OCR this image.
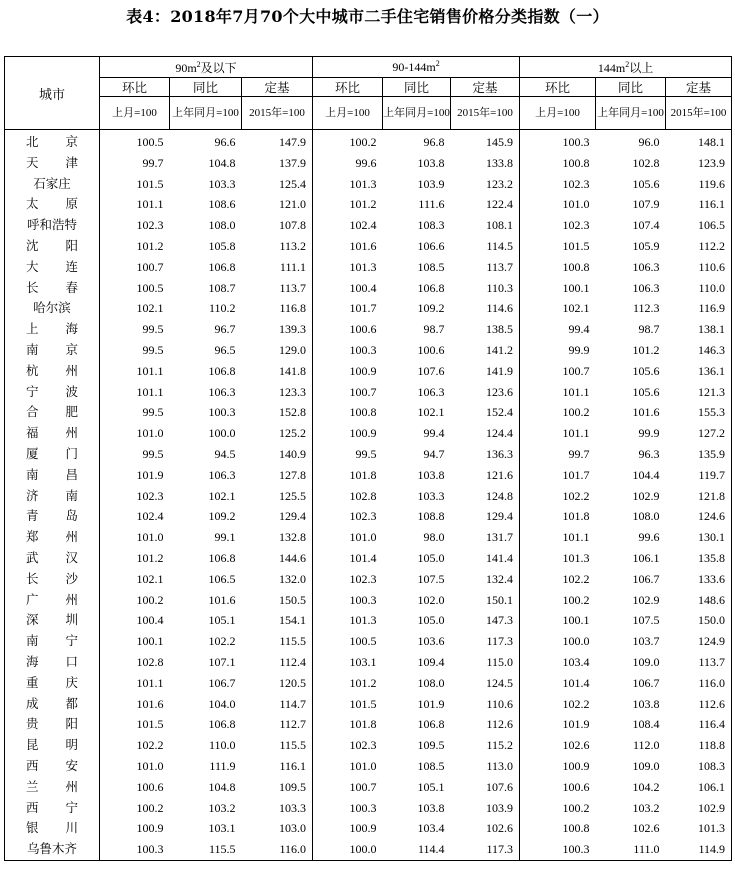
表4：2018年7月70个大中城市二手住宅销售价格分类指数（一）
城市	$90m^2$及以下			$90-144m^2$			$144m^2$以上		
	环比	同比	定基	环比	同比	定基	环比	同比	定基
	上月=100	上年同月=100	2015年=100	上月=100	上年同月=100	2015年=100	上月=100	上年同月=100	2015年=100
北京	100.5	96.6	147.9	100.2	96.8	145.9	100.3	96.0	148.1
天津	99.7	104.8	137.9	99.6	103.8	133.8	100.8	102.8	123.9
石家庄	101.5	103.3	125.4	101.3	103.9	123.2	102.3	105.6	119.6
太原	101.1	108.6	121.0	101.2	111.6	122.4	101.0	107.9	116.1
呼和浩特	102.3	108.0	107.8	102.4	108.3	108.1	102.3	107.4	106.5
沈阳	101.2	105.8	113.2	101.6	106.6	114.5	101.5	105.9	112.2
大连	100.7	106.8	111.1	101.3	108.5	113.7	100.8	106.3	110.6
长春	100.5	108.7	113.7	100.4	106.8	110.3	100.1	106.3	110.0
哈尔滨	102.1	110.2	116.8	101.7	109.2	114.6	102.1	112.3	116.9
上海	99.5	96.7	139.3	100.6	98.7	138.5	99.4	98.7	138.1
南京	99.5	96.5	129.0	100.3	100.6	141.2	99.9	101.2	146.3
杭州	101.1	106.8	141.8	100.9	107.6	141.9	100.7	105.6	136.1
宁波	101.1	106.3	123.3	100.7	106.3	123.6	101.1	105.6	121.3
合肥	99.5	100.3	152.8	100.8	102.1	152.4	100.2	101.6	155.3
福州	101.0	100.0	125.2	100.9	99.4	124.4	101.1	99.9	127.2
厦门	99.5	94.5	140.9	99.5	94.7	136.3	99.7	96.3	135.9
南昌	101.9	106.3	127.8	101.8	103.8	121.6	101.7	104.4	119.7
济南	102.3	102.1	125.5	102.8	103.3	124.8	102.2	102.9	121.8
青岛	102.4	109.2	129.4	102.3	108.8	129.4	101.8	108.0	124.6
郑州	101.0	99.1	132.8	101.0	98.0	131.7	101.1	99.6	130.1
武汉	101.2	106.8	144.6	101.4	105.0	141.4	101.3	106.1	135.8
长沙	102.1	106.5	132.0	102.3	107.5	132.4	102.2	106.7	133.6
广州	100.2	101.6	150.5	100.3	102.0	150.1	100.2	102.9	148.6
深圳	100.4	105.1	154.1	101.3	105.0	147.3	100.1	107.5	150.0
南宁	100.1	102.2	115.5	100.5	103.6	117.3	100.0	103.7	124.9
海口	102.8	107.1	112.4	103.1	109.4	115.0	103.4	109.0	113.7
重庆	101.1	106.7	120.5	101.2	108.0	124.5	101.4	106.7	116.0
成都	101.6	104.0	114.7	101.5	101.9	110.6	102.2	103.8	112.6
贵阳	101.5	106.8	112.7	101.8	106.8	112.6	101.9	108.4	116.4
昆明	102.2	110.0	115.5	102.3	109.5	115.2	102.6	112.0	118.8
西安	101.0	111.9	116.1	101.0	108.5	113.0	100.9	109.0	108.3
兰州	100.6	104.8	109.5	100.7	105.1	107.6	100.6	104.2	106.1
西宁	100.2	103.2	103.3	100.3	103.8	103.9	100.2	103.2	102.9
银川	100.9	103.1	103.0	100.9	103.4	102.6	100.8	102.6	101.3
乌鲁木齐	100.3	115.5	116.0	100.0	114.4	117.3	100.3	111.0	114.9
